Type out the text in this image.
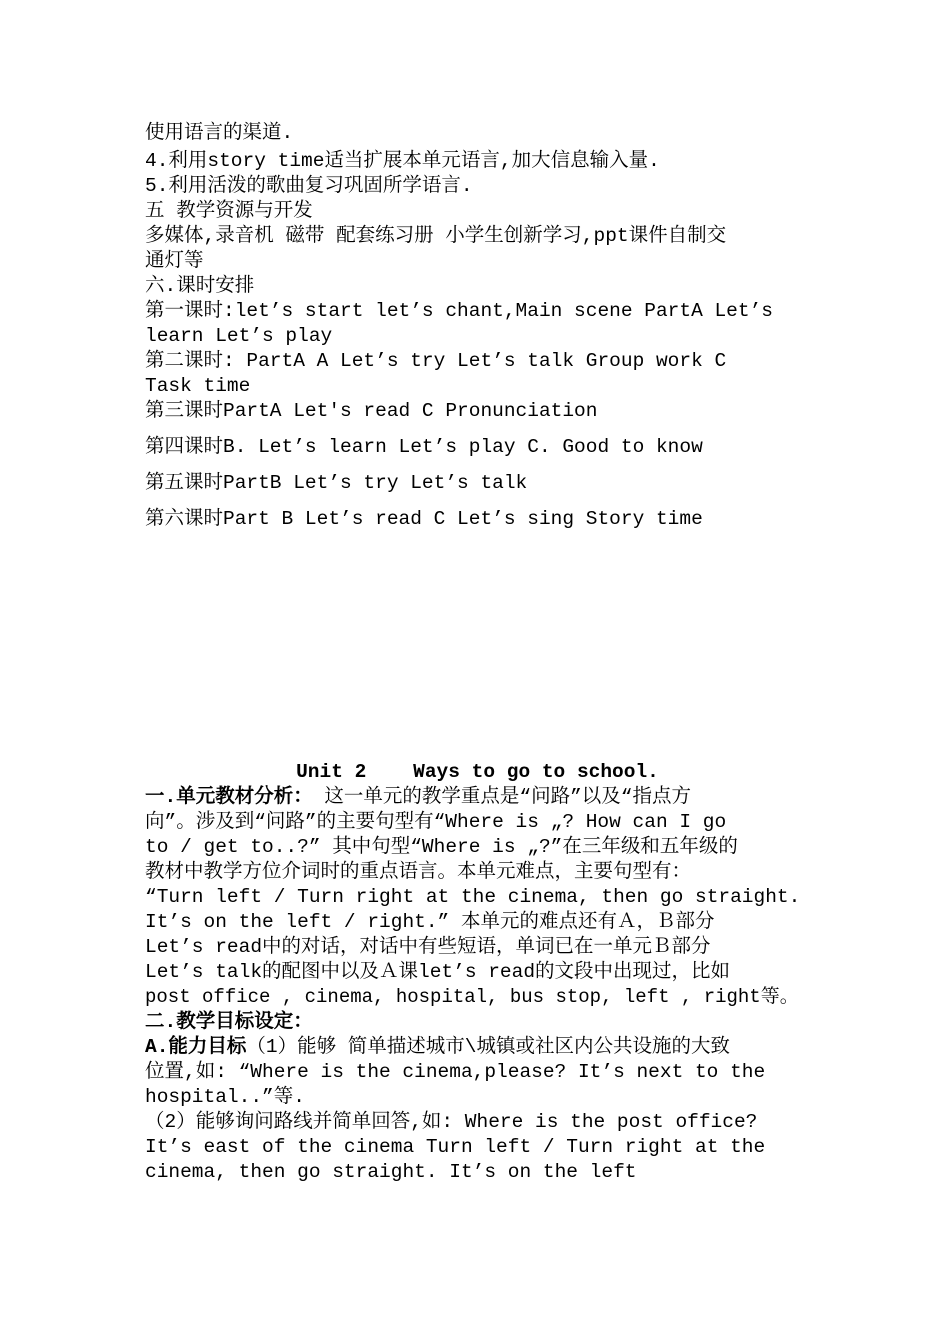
使用语言的渠道.

4.利用story time适当扩展本单元语言,加大信息输入量.

5.利用活泼的歌曲复习巩固所学语言.

五 教学资源与开发

多媒体,录音机 磁带 配套练习册 小学生创新学习,ppt课件自制交

通灯等

六.课时安排

第一课时:let’s start let’s chant,Main scene PartA Let’s

learn Let’s play

第二课时: PartA A Let’s try Let’s talk Group work C

Task time

第三课时PartA Let's read C Pronunciation

第四课时B. Let’s learn Let’s play C. Good to know

第五课时PartB Let’s try Let’s talk

第六课时Part B Let’s read C Let’s sing Story time

Unit 2    Ways to go to school.

一.单元教材分析： 这一单元的教学重点是“问路”以及“指点方

向”。涉及到“问路”的主要句型有“Where is „? How can I go

to / get to..?” 其中句型“Where is „?”在三年级和五年级的

教材中教学方位介词时的重点语言。本单元难点，主要句型有：

“Turn left / Turn right at the cinema, then go straight.

It’s on the left / right.” 本单元的难点还有Ａ，Ｂ部分

Let’s read中的对话，对话中有些短语，单词已在一单元Ｂ部分

Let’s talk的配图中以及Ａ课let’s read的文段中出现过，比如

post office , cinema, hospital, bus stop, left , right等。

二.教学目标设定：

A.能力目标（1）能够 简单描述城市\城镇或社区内公共设施的大致

位置,如: “Where is the cinema,please? It’s next to the

hospital..”等.

（2）能够询问路线并简单回答,如: Where is the post office?

It’s east of the cinema Turn left / Turn right at the

cinema, then go straight. It’s on the left
